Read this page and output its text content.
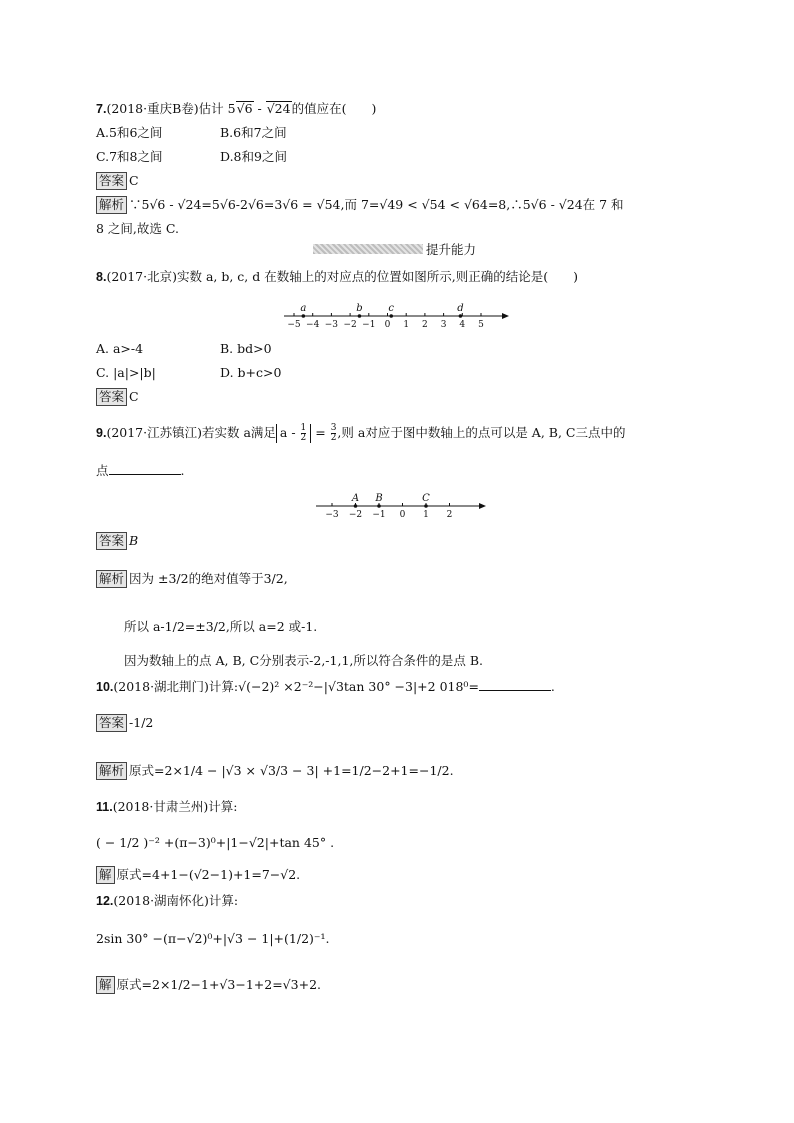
7.(2018·重庆B卷)估计 5√6 - √24的值应在(　　)
A.5和6之间	B.6和7之间
C.7和8之间	D.8和9之间
答案 C
解析 ∵5√6 - √24=5√6-2√6=3√6 = √54,而 7=√49 < √54 < √64=8,∴5√6 - √24在 7 和
8 之间,故选 C.
提升能力
8.(2017·北京)实数 a, b, c, d 在数轴上的对应点的位置如图所示,则正确的结论是(　　)
−5 −4 −3 −2 −1 0 1 2 3 4 5
a	b	c	d
A. a>-4	B. bd>0
C. |a|>|b|	D. b+c>0
答案 C
9.(2017·江苏镇江)若实数 a满足 $a - \frac{1}{2} = \frac{3}{2}$ ,则 a对应于图中数轴上的点可以是 A, B, C三点中的
点	.
−3 −2 −1 0 1 2
A B	C
答案 B
解析 因为 ±3/2的绝对值等于3/2,
所以 a-1/2=±3/2,所以 a=2 或-1.
因为数轴上的点 A, B, C分别表示-2,-1,1,所以符合条件的是点 B.
10.(2018·湖北荆门)计算:√(−2)² ×2⁻²−|√3tan 30° −3|+2 018⁰=	.
答案 -1/2
解析 原式=2×1/4 − |√3 × √3/3 − 3| +1=1/2−2+1=−1/2.
11.(2018·甘肃兰州)计算:
( − 1/2 )⁻² +(π−3)⁰+|1−√2|+tan 45° .
解 原式=4+1−(√2−1)+1=7−√2.
12.(2018·湖南怀化)计算:
2sin 30° −(π−√2)⁰+|√3 − 1|+(1/2)⁻¹.
解 原式=2×1/2−1+√3−1+2=√3+2.
